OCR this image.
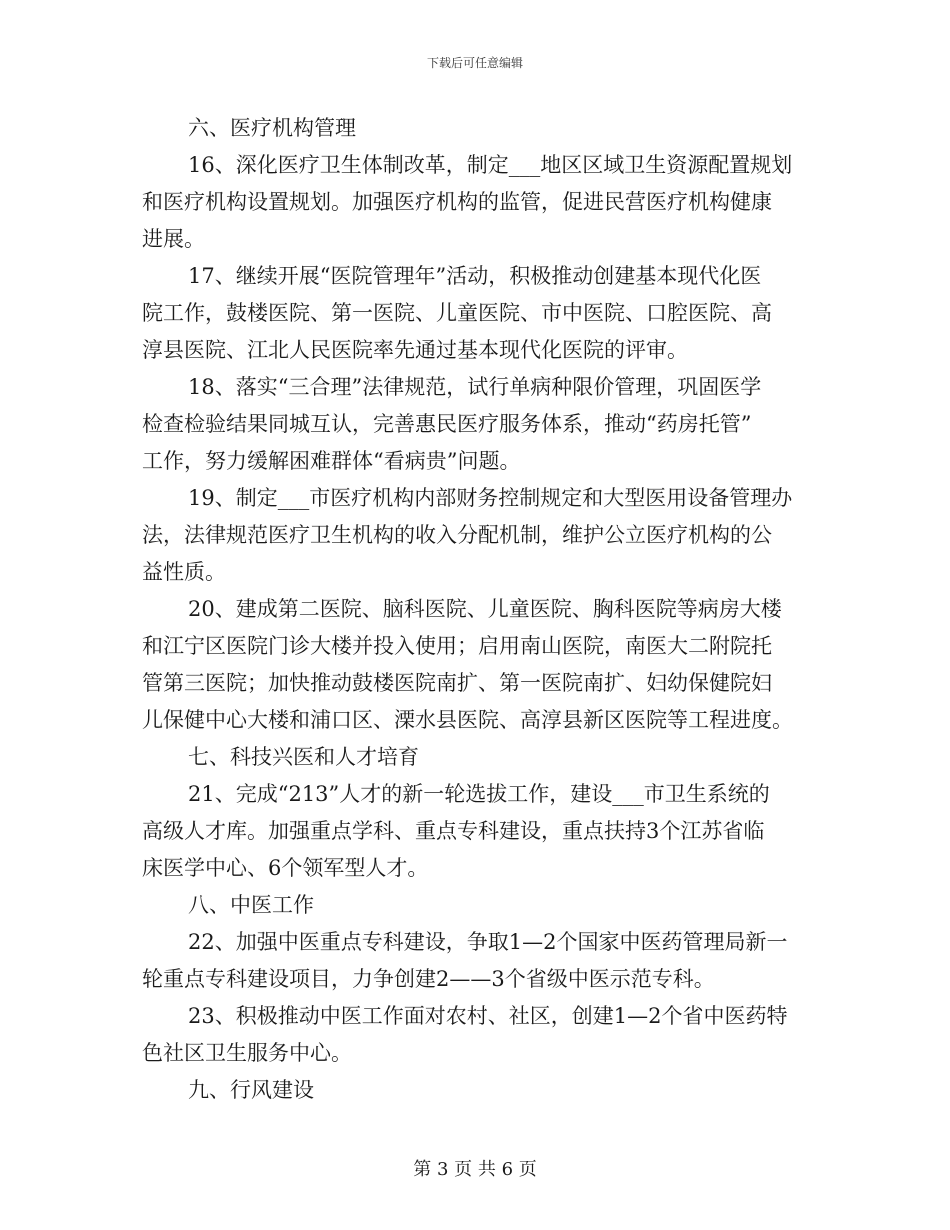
下载后可任意编辑
六、医疗机构管理
16、深化医疗卫生体制改革，制定___地区区域卫生资源配置规划
和医疗机构设置规划。加强医疗机构的监管，促进民营医疗机构健康
进展。
17、继续开展“医院管理年”活动，积极推动创建基本现代化医
院工作，鼓楼医院、第一医院、儿童医院、市中医院、口腔医院、高
淳县医院、江北人民医院率先通过基本现代化医院的评审。
18、落实“三合理”法律规范，试行单病种限价管理，巩固医学
检查检验结果同城互认，完善惠民医疗服务体系，推动“药房托管”
工作，努力缓解困难群体“看病贵”问题。
19、制定___市医疗机构内部财务控制规定和大型医用设备管理办
法，法律规范医疗卫生机构的收入分配机制，维护公立医疗机构的公
益性质。
20、建成第二医院、脑科医院、儿童医院、胸科医院等病房大楼
和江宁区医院门诊大楼并投入使用；启用南山医院，南医大二附院托
管第三医院；加快推动鼓楼医院南扩、第一医院南扩、妇幼保健院妇
儿保健中心大楼和浦口区、溧水县医院、高淳县新区医院等工程进度。
七、科技兴医和人才培育
21、完成“213”人才的新一轮选拔工作，建设___市卫生系统的
高级人才库。加强重点学科、重点专科建设，重点扶持3个江苏省临
床医学中心、6个领军型人才。
八、中医工作
22、加强中医重点专科建设，争取1—2个国家中医药管理局新一
轮重点专科建设项目，力争创建2——3个省级中医示范专科。
23、积极推动中医工作面对农村、社区，创建1—2个省中医药特
色社区卫生服务中心。
九、行风建设
第 3 页 共 6 页
